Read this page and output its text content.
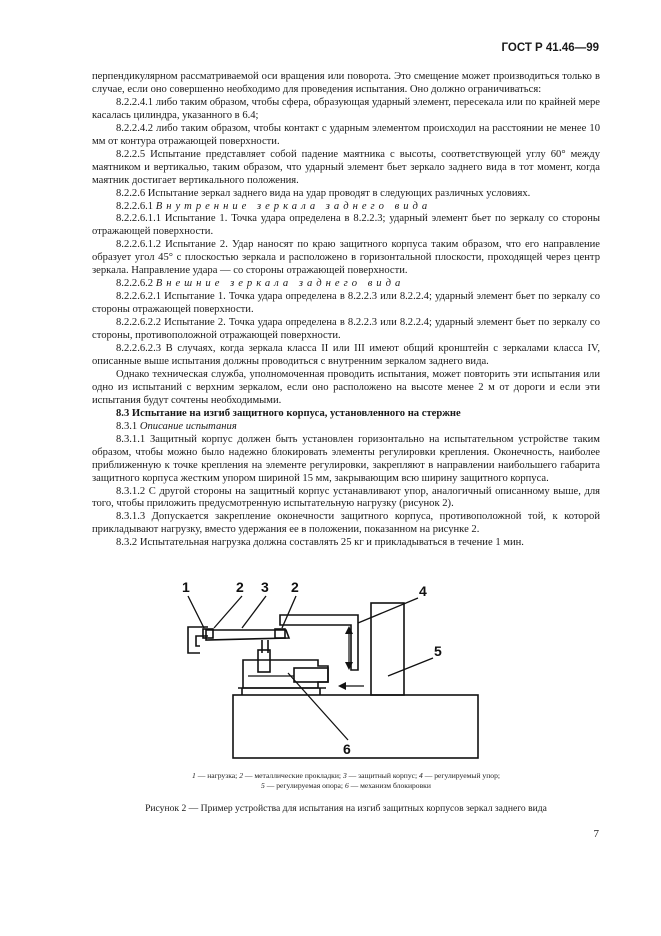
ГОСТ Р 41.46—99

перпендикулярном рассматриваемой оси вращения или поворота. Это смещение может производиться только в случае, если оно совершенно необходимо для проведения испытания. Оно должно ограничиваться:

8.2.2.4.1 либо таким образом, чтобы сфера, образующая ударный элемент, пересекала или по крайней мере касалась цилиндра, указанного в 6.4;

8.2.2.4.2 либо таким образом, чтобы контакт с ударным элементом происходил на расстоянии не менее 10 мм от контура отражающей поверхности.

8.2.2.5 Испытание представляет собой падение маятника с высоты, соответствующей углу 60° между маятником и вертикалью, таким образом, что ударный элемент бьет зеркало заднего вида в тот момент, когда маятник достигает вертикального положения.

8.2.2.6 Испытание зеркал заднего вида на удар проводят в следующих различных условиях.

8.2.2.6.1 Внутренние зеркала заднего вида

8.2.2.6.1.1 Испытание 1. Точка удара определена в 8.2.2.3; ударный элемент бьет по зеркалу со стороны отражающей поверхности.

8.2.2.6.1.2 Испытание 2. Удар наносят по краю защитного корпуса таким образом, что его направление образует угол 45° с плоскостью зеркала и расположено в горизонтальной плоскости, проходящей через центр зеркала. Направление удара — со стороны отражающей поверхности.

8.2.2.6.2 Внешние зеркала заднего вида

8.2.2.6.2.1 Испытание 1. Точка удара определена в 8.2.2.3 или 8.2.2.4; ударный элемент бьет по зеркалу со стороны отражающей поверхности.

8.2.2.6.2.2 Испытание 2. Точка удара определена в 8.2.2.3 или 8.2.2.4; ударный элемент бьет по зеркалу со стороны, противоположной отражающей поверхности.

8.2.2.6.2.3 В случаях, когда зеркала класса II или III имеют общий кронштейн с зеркалами класса IV, описанные выше испытания должны проводиться с внутренним зеркалом заднего вида.

Однако техническая служба, уполномоченная проводить испытания, может повторить эти испытания или одно из испытаний с верхним зеркалом, если оно расположено на высоте менее 2 м от дороги и если эти испытания будут сочтены необходимыми.

8.3 Испытание на изгиб защитного корпуса, установленного на стержне

8.3.1 Описание испытания

8.3.1.1 Защитный корпус должен быть установлен горизонтально на испытательном устройстве таким образом, чтобы можно было надежно блокировать элементы регулировки крепления. Оконечность, наиболее приближенную к точке крепления на элементе регулировки, закрепляют в направлении наибольшего габарита защитного корпуса жестким упором шириной 15 мм, закрывающим всю ширину защитного корпуса.

8.3.1.2 С другой стороны на защитный корпус устанавливают упор, аналогичный описанному выше, для того, чтобы приложить предусмотренную испытательную нагрузку (рисунок 2).

8.3.1.3 Допускается закрепление оконечности защитного корпуса, противоположной той, к которой прикладывают нагрузку, вместо удержания ее в положении, показанном на рисунке 2.

8.3.2 Испытательная нагрузка должна составлять 25 кг и прикладываться в течение 1 мин.

1	2 3 2	4
5
6
1 — нагрузка; 2 — металлические прокладки; 3 — защитный корпус; 4 — регулируемый упор;
5 — регулируемая опора; 6 — механизм блокировки
Рисунок 2 — Пример устройства для испытания на изгиб защитных корпусов зеркал заднего вида
7
